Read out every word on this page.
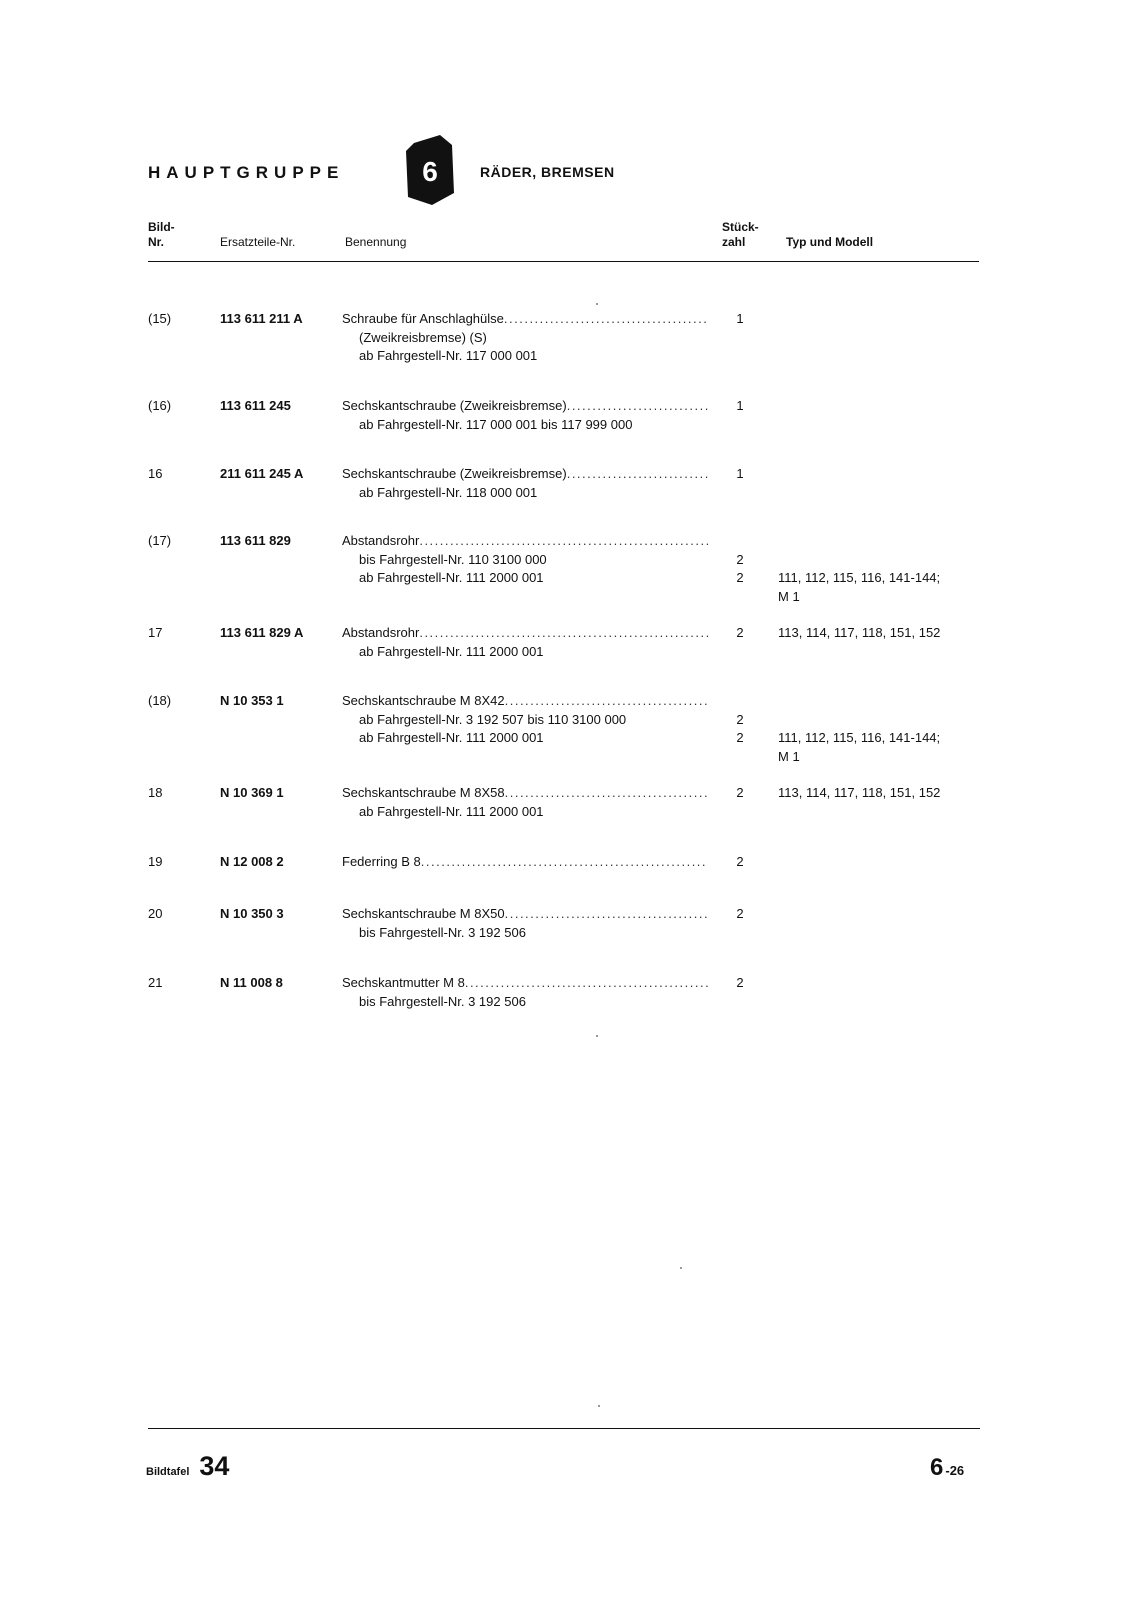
HAUPTGRUPPE	6	RÄDER, BREMSEN
Bild-
Nr.	Ersatzteile-Nr.	Benennung
Stück-
zahl	Typ und Modell
(15)	113 611 211 A	Schraube für Anschlaghülse
.....
(Zweikreisbremse) (S)
ab Fahrgestell-Nr. 117 000 001
1
(16)	113 611 245	Sechskantschraube (Zweikreisbremse)
.....
ab Fahrgestell-Nr. 117 000 001 bis 117 999 000
1
16	211 611 245 A	Sechskantschraube (Zweikreisbremse)
.....
ab Fahrgestell-Nr. 118 000 001
1
(17)	113 611 829	Abstandsrohr
.....
bis Fahrgestell-Nr. 110 3100 000
ab Fahrgestell-Nr. 111 2000 001
2
2	111, 112, 115, 116, 141-144;
M 1
17	113 611 829 A	Abstandsrohr
.....
ab Fahrgestell-Nr. 111 2000 001
2	113, 114, 117, 118, 151, 152
(18)	N 10 353 1	Sechskantschraube M 8X42
.....
ab Fahrgestell-Nr. 3 192 507 bis 110 3100 000
ab Fahrgestell-Nr. 111 2000 001
2
2	111, 112, 115, 116, 141-144;
M 1
18	N 10 369 1	Sechskantschraube M 8X58
.....
ab Fahrgestell-Nr. 111 2000 001
2	113, 114, 117, 118, 151, 152
19	N 12 008 2	Federring B 8
.....	2
20	N 10 350 3	Sechskantschraube M 8X50
.....
bis Fahrgestell-Nr. 3 192 506
2
21	N 11 008 8	Sechskantmutter M 8
.....
bis Fahrgestell-Nr. 3 192 506
2
Bildtafel 34	6 -26
